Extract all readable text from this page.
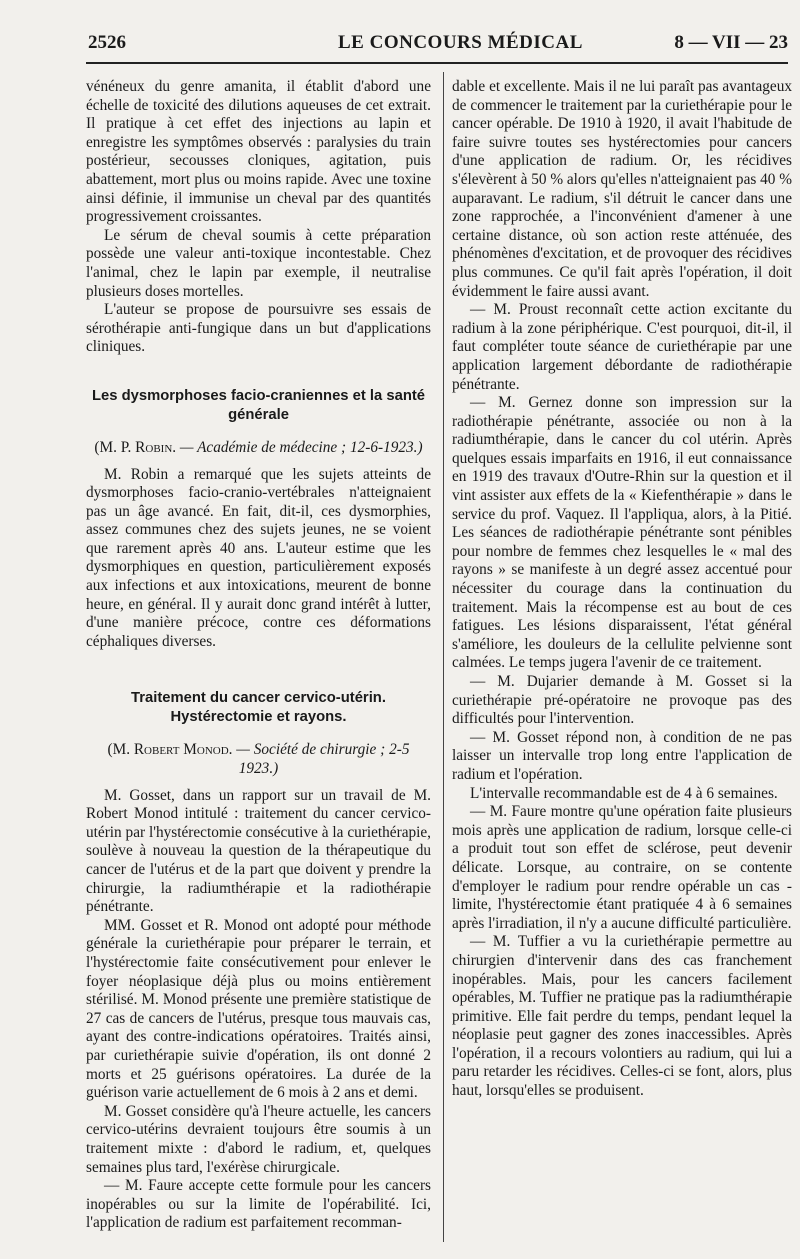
2526	LE CONCOURS MÉDICAL	8 — VII — 23

vénéneux du genre amanita, il établit d'abord une échelle de toxicité des dilutions aqueuses de cet extrait. Il pratique à cet effet des injections au lapin et enregistre les symptômes observés : paralysies du train postérieur, secousses cloniques, agitation, puis abattement, mort plus ou moins rapide. Avec une toxine ainsi définie, il immunise un cheval par des quantités progressivement croissantes.

Le sérum de cheval soumis à cette préparation possède une valeur anti-toxique incontestable. Chez l'animal, chez le lapin par exemple, il neutralise plusieurs doses mortelles.

L'auteur se propose de poursuivre ses essais de sérothérapie anti-fungique dans un but d'applications cliniques.

Les dysmorphoses facio-craniennes et la santé générale

(M. P. Robin. — Académie de médecine ; 12-6-1923.)

M. Robin a remarqué que les sujets atteints de dysmorphoses facio-cranio-vertébrales n'atteignaient pas un âge avancé. En fait, dit-il, ces dysmorphies, assez communes chez des sujets jeunes, ne se voient que rarement après 40 ans. L'auteur estime que les dysmorphiques en question, particulièrement exposés aux infections et aux intoxications, meurent de bonne heure, en général. Il y aurait donc grand intérêt à lutter, d'une manière précoce, contre ces déformations céphaliques diverses.

Traitement du cancer cervico-utérin. Hystérectomie et rayons.

(M. Robert Monod. — Société de chirurgie ; 2-5 1923.)

M. Gosset, dans un rapport sur un travail de M. Robert Monod intitulé : traitement du cancer cervico-utérin par l'hystérectomie consécutive à la curiethérapie, soulève à nouveau la question de la thérapeutique du cancer de l'utérus et de la part que doivent y prendre la chirurgie, la radiumthérapie et la radiothérapie pénétrante.

MM. Gosset et R. Monod ont adopté pour méthode générale la curiethérapie pour préparer le terrain, et l'hystérectomie faite consécutivement pour enlever le foyer néoplasique déjà plus ou moins entièrement stérilisé. M. Monod présente une première statistique de 27 cas de cancers de l'utérus, presque tous mauvais cas, ayant des contre-indications opératoires. Traités ainsi, par curiethérapie suivie d'opération, ils ont donné 2 morts et 25 guérisons opératoires. La durée de la guérison varie actuellement de 6 mois à 2 ans et demi.

M. Gosset considère qu'à l'heure actuelle, les cancers cervico-utérins devraient toujours être soumis à un traitement mixte : d'abord le radium, et, quelques semaines plus tard, l'exérèse chirurgicale.

— M. Faure accepte cette formule pour les cancers inopérables ou sur la limite de l'opérabilité. Ici, l'application de radium est parfaitement recomman-

dable et excellente. Mais il ne lui paraît pas avantageux de commencer le traitement par la curiethérapie pour le cancer opérable. De 1910 à 1920, il avait l'habitude de faire suivre toutes ses hystérectomies pour cancers d'une application de radium. Or, les récidives s'élevèrent à 50 % alors qu'elles n'atteignaient pas 40 % auparavant. Le radium, s'il détruit le cancer dans une zone rapprochée, a l'inconvénient d'amener à une certaine distance, où son action reste atténuée, des phénomènes d'excitation, et de provoquer des récidives plus communes. Ce qu'il fait après l'opération, il doit évidemment le faire aussi avant.

— M. Proust reconnaît cette action excitante du radium à la zone périphérique. C'est pourquoi, dit-il, il faut compléter toute séance de curiethérapie par une application largement débordante de radiothérapie pénétrante.

— M. Gernez donne son impression sur la radiothérapie pénétrante, associée ou non à la radiumthérapie, dans le cancer du col utérin. Après quelques essais imparfaits en 1916, il eut connaissance en 1919 des travaux d'Outre-Rhin sur la question et il vint assister aux effets de la « Kiefenthérapie » dans le service du prof. Vaquez. Il l'appliqua, alors, à la Pitié. Les séances de radiothérapie pénétrante sont pénibles pour nombre de femmes chez lesquelles le « mal des rayons » se manifeste à un degré assez accentué pour nécessiter du courage dans la continuation du traitement. Mais la récompense est au bout de ces fatigues. Les lésions disparaissent, l'état général s'améliore, les douleurs de la cellulite pelvienne sont calmées. Le temps jugera l'avenir de ce traitement.

— M. Dujarier demande à M. Gosset si la curiethérapie pré-opératoire ne provoque pas des difficultés pour l'intervention.

— M. Gosset répond non, à condition de ne pas laisser un intervalle trop long entre l'application de radium et l'opération.

L'intervalle recommandable est de 4 à 6 semaines.

— M. Faure montre qu'une opération faite plusieurs mois après une application de radium, lorsque celle-ci a produit tout son effet de sclérose, peut devenir délicate. Lorsque, au contraire, on se contente d'employer le radium pour rendre opérable un cas -limite, l'hystérectomie étant pratiquée 4 à 6 semaines après l'irradiation, il n'y a aucune difficulté particulière.

— M. Tuffier a vu la curiethérapie permettre au chirurgien d'intervenir dans des cas franchement inopérables. Mais, pour les cancers facilement opérables, M. Tuffier ne pratique pas la radiumthérapie primitive. Elle fait perdre du temps, pendant lequel la néoplasie peut gagner des zones inaccessibles. Après l'opération, il a recours volontiers au radium, qui lui a paru retarder les récidives. Celles-ci se font, alors, plus haut, lorsqu'elles se produisent.
